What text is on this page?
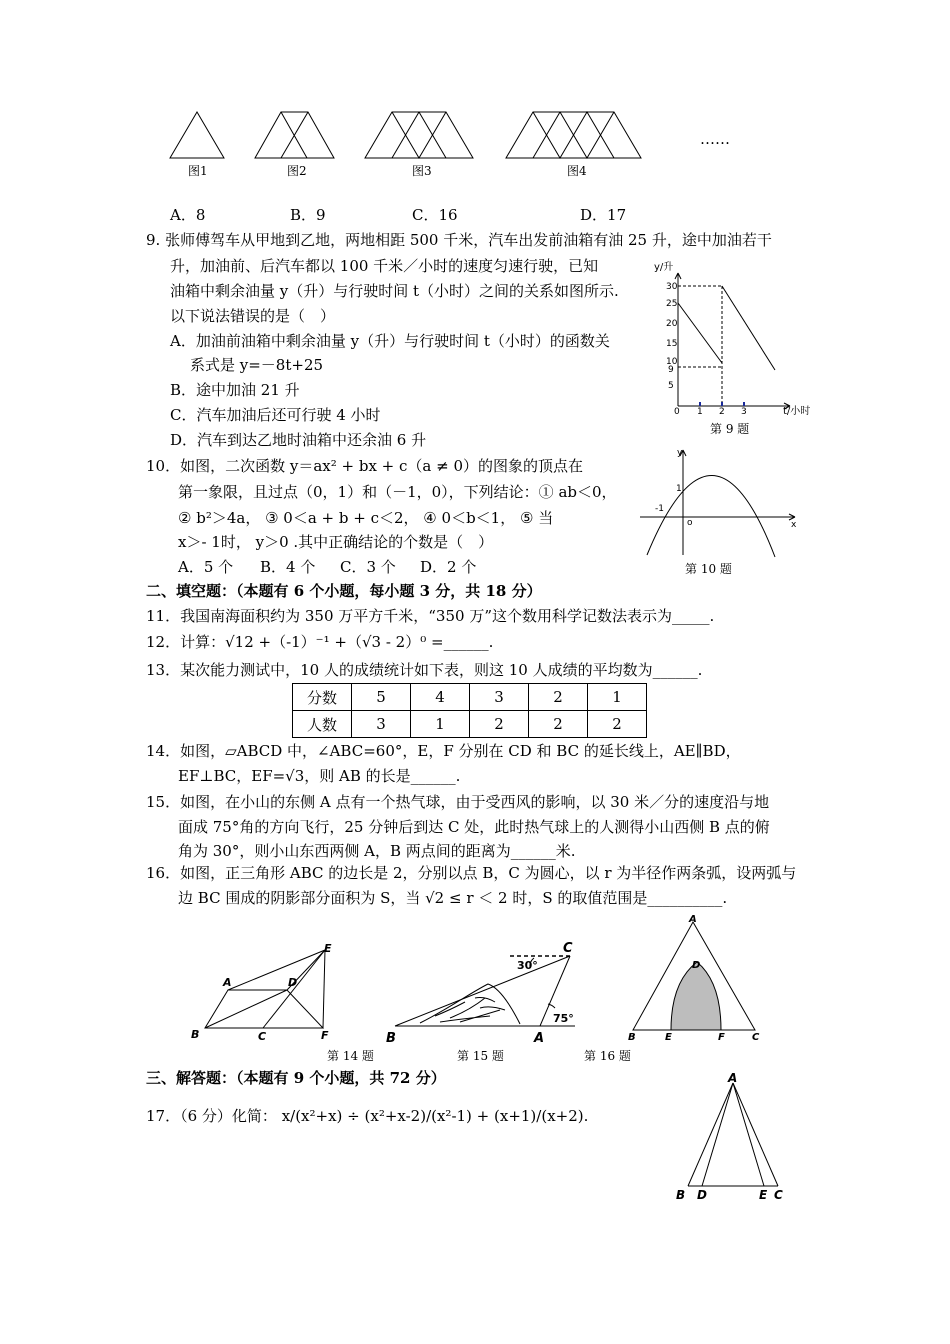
图1	图2	图3	图4
……
A．8	B．9	C．16	D．17
9. 张师傅驾车从甲地到乙地，两地相距 500 千米，汽车出发前油箱有油 25 升，途中加油若干
升，加油前、后汽车都以 100 千米／小时的速度匀速行驶，已知
油箱中剩余油量 y（升）与行驶时间 t（小时）之间的关系如图所示.
以下说法错误的是（　）
A．加油前油箱中剩余油量 y（升）与行驶时间 t（小时）的函数关
系式是 y=－8t+25
B．途中加油 21 升
C．汽车加油后还可行驶 4 小时
D．汽车到达乙地时油箱中还余油 6 升
y/升
t/小时
30
25
20
15
10
9
5
0 1 2 3
第 9 题
10．如图，二次函数 y＝ax² + bx + c（a ≠ 0）的图象的顶点在
第一象限，且过点（0，1）和（－1，0），下列结论：① ab＜0，
② b²＞4a， ③ 0＜a + b + c＜2， ④ 0＜b＜1， ⑤ 当
x＞- 1时， y＞0 .其中正确结论的个数是（　）
A．5 个 B．4 个 C．3 个 D．2 个
y
x
1
-1
o
第 10 题
二、填空题：（本题有 6 个小题，每小题 3 分，共 18 分）
11．我国南海面积约为 350 万平方千米，“350 万”这个数用科学记数法表示为_____.
12．计算：√12 +（-1）⁻¹ +（√3 - 2）⁰ =______.
13．某次能力测试中，10 人的成绩统计如下表，则这 10 人成绩的平均数为______.
分数	5	4	3	2	1
人数	3	1	2	2	2
14．如图，▱ABCD 中，∠ABC=60°，E，F 分别在 CD 和 BC 的延长线上，AE∥BD，
EF⊥BC，EF=√3，则 AB 的长是______.
15．如图，在小山的东侧 A 点有一个热气球，由于受西风的影响，以 30 米／分的速度沿与地
面成 75°角的方向飞行，25 分钟后到达 C 处，此时热气球上的人测得小山西侧 B 点的俯
角为 30°，则小山东西两侧 A，B 两点间的距离为______米.
16．如图，正三角形 ABC 的边长是 2，分别以点 B，C 为圆心，以 r 为半径作两条弧，设两弧与
边 BC 围成的阴影部分面积为 S，当 √2 ≤ r ＜ 2 时，S 的取值范围是__________.
A	D
E
B	C	F
第 14 题
C
30°
75°
B	A
第 15 题
A
D
B	E	F	C
第 16 题
三、解答题：（本题有 9 个小题，共 72 分）
17．（6 分）化简： x/(x²+x) ÷ (x²+x-2)/(x²-1) + (x+1)/(x+2).
A
B D	E C
